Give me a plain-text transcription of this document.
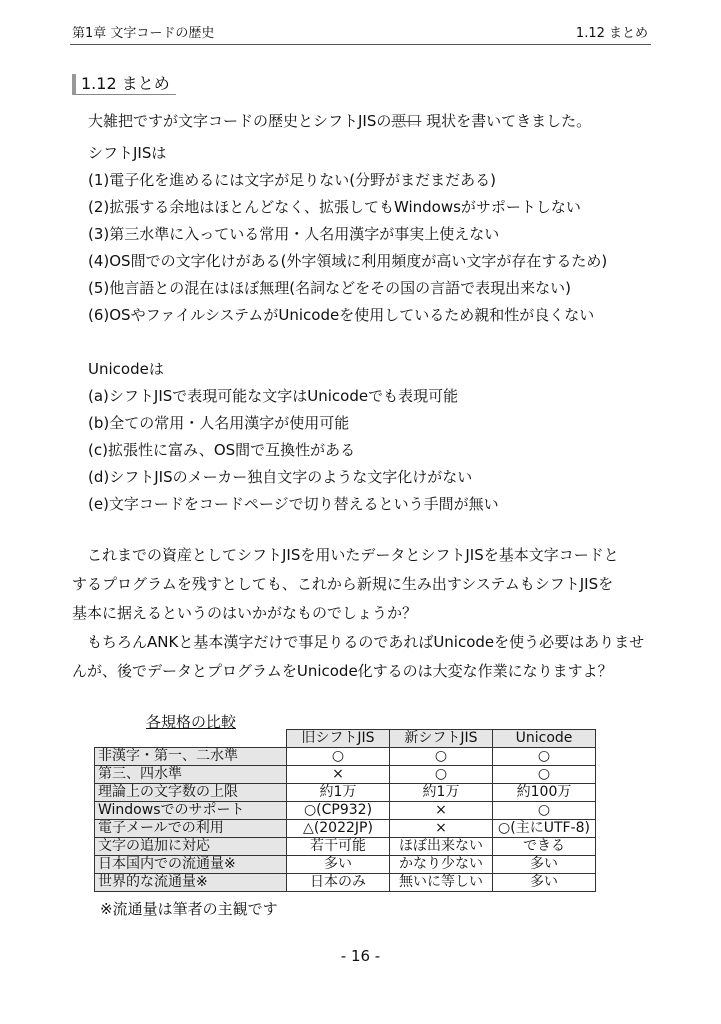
第1章 文字コードの歴史	1.12 まとめ
1.12 まとめ
大雑把ですが文字コードの歴史とシフトJISの悪口 現状を書いてきました。
シフトJISは
(1)電子化を進めるには文字が足りない(分野がまだまだある)
(2)拡張する余地はほとんどなく、拡張してもWindowsがサポートしない
(3)第三水準に入っている常用・人名用漢字が事実上使えない
(4)OS間での文字化けがある(外字領域に利用頻度が高い文字が存在するため)
(5)他言語との混在はほぼ無理(名詞などをその国の言語で表現出来ない)
(6)OSやファイルシステムがUnicodeを使用しているため親和性が良くない
Unicodeは
(a)シフトJISで表現可能な文字はUnicodeでも表現可能
(b)全ての常用・人名用漢字が使用可能
(c)拡張性に富み、OS間で互換性がある
(d)シフトJISのメーカー独自文字のような文字化けがない
(e)文字コードをコードページで切り替えるという手間が無い
　これまでの資産としてシフトJISを用いたデータとシフトJISを基本文字コードと
するプログラムを残すとしても、これから新規に生み出すシステムもシフトJISを
基本に据えるというのはいかがなものでしょうか？
　もちろんANKと基本漢字だけで事足りるのであればUnicodeを使う必要はありませ
んが、後でデータとプログラムをUnicode化するのは大変な作業になりますよ？
各規格の比較
	旧シフトJIS	新シフトJIS	Unicode
非漢字・第一、二水準	○	○	○
第三、四水準	×	○	○
理論上の文字数の上限	約1万	約1万	約100万
Windowsでのサポート	○(CP932)	×	○
電子メールでの利用	△(2022JP)	×	○(主にUTF-8)
文字の追加に対応	若干可能	ほぼ出来ない	できる
日本国内での流通量※	多い	かなり少ない	多い
世界的な流通量※	日本のみ	無いに等しい	多い
※流通量は筆者の主観です
- 16 -
